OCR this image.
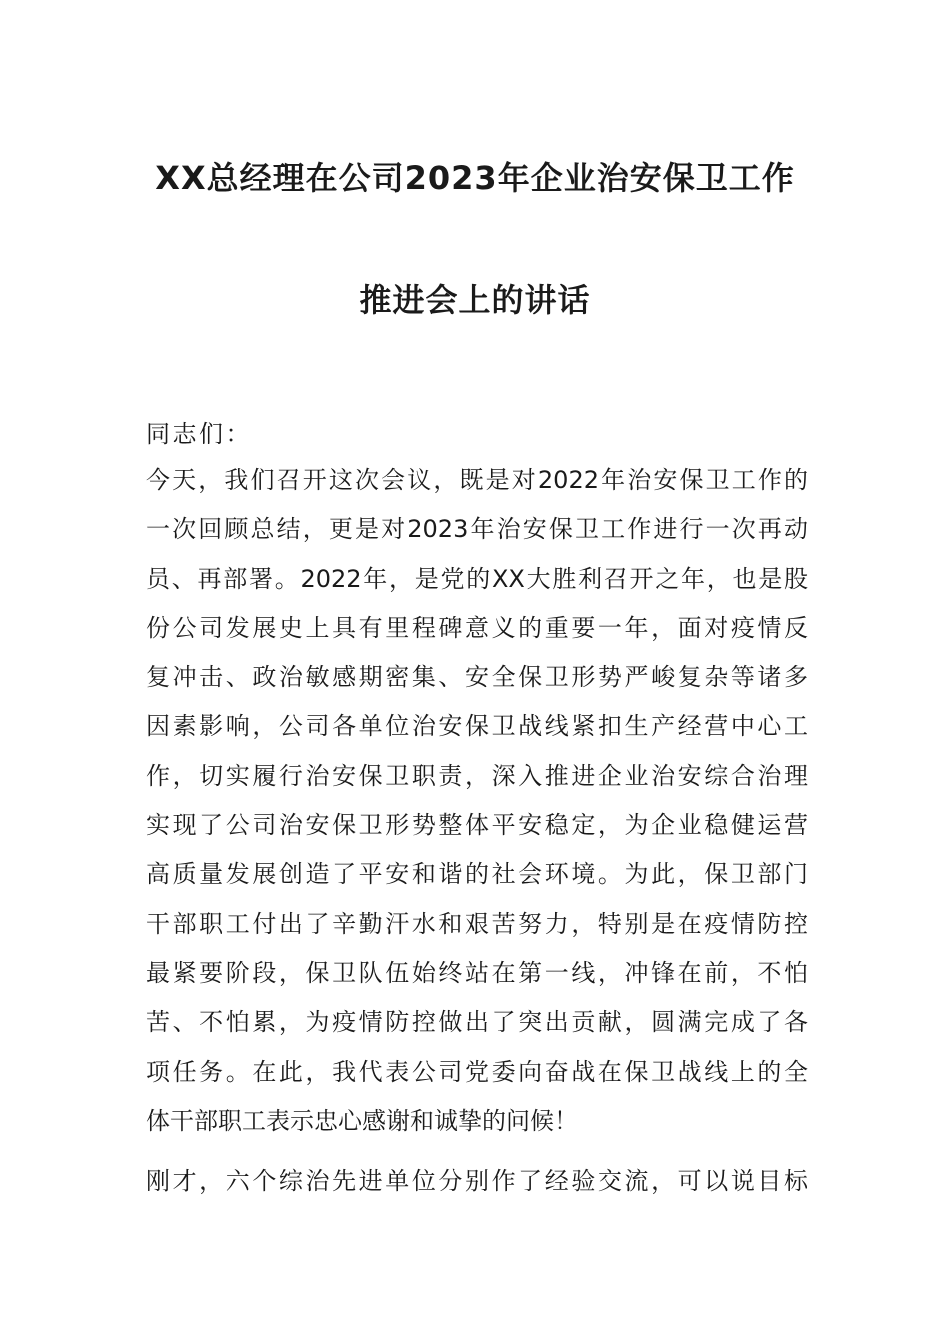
XX总经理在公司2023年企业治安保卫工作
推进会上的讲话
同志们：
今天，我们召开这次会议，既是对2022年治安保卫工作的
一次回顾总结，更是对2023年治安保卫工作进行一次再动
员、再部署。2022年，是党的XX大胜利召开之年，也是股
份公司发展史上具有里程碑意义的重要一年，面对疫情反
复冲击、政治敏感期密集、安全保卫形势严峻复杂等诸多
因素影响，公司各单位治安保卫战线紧扣生产经营中心工
作，切实履行治安保卫职责，深入推进企业治安综合治理
实现了公司治安保卫形势整体平安稳定，为企业稳健运营
高质量发展创造了平安和谐的社会环境。为此，保卫部门
干部职工付出了辛勤汗水和艰苦努力，特别是在疫情防控
最紧要阶段，保卫队伍始终站在第一线，冲锋在前，不怕
苦、不怕累，为疫情防控做出了突出贡献，圆满完成了各
项任务。在此，我代表公司党委向奋战在保卫战线上的全
体干部职工表示忠心感谢和诚挚的问候！
刚才，六个综治先进单位分别作了经验交流，可以说目标
